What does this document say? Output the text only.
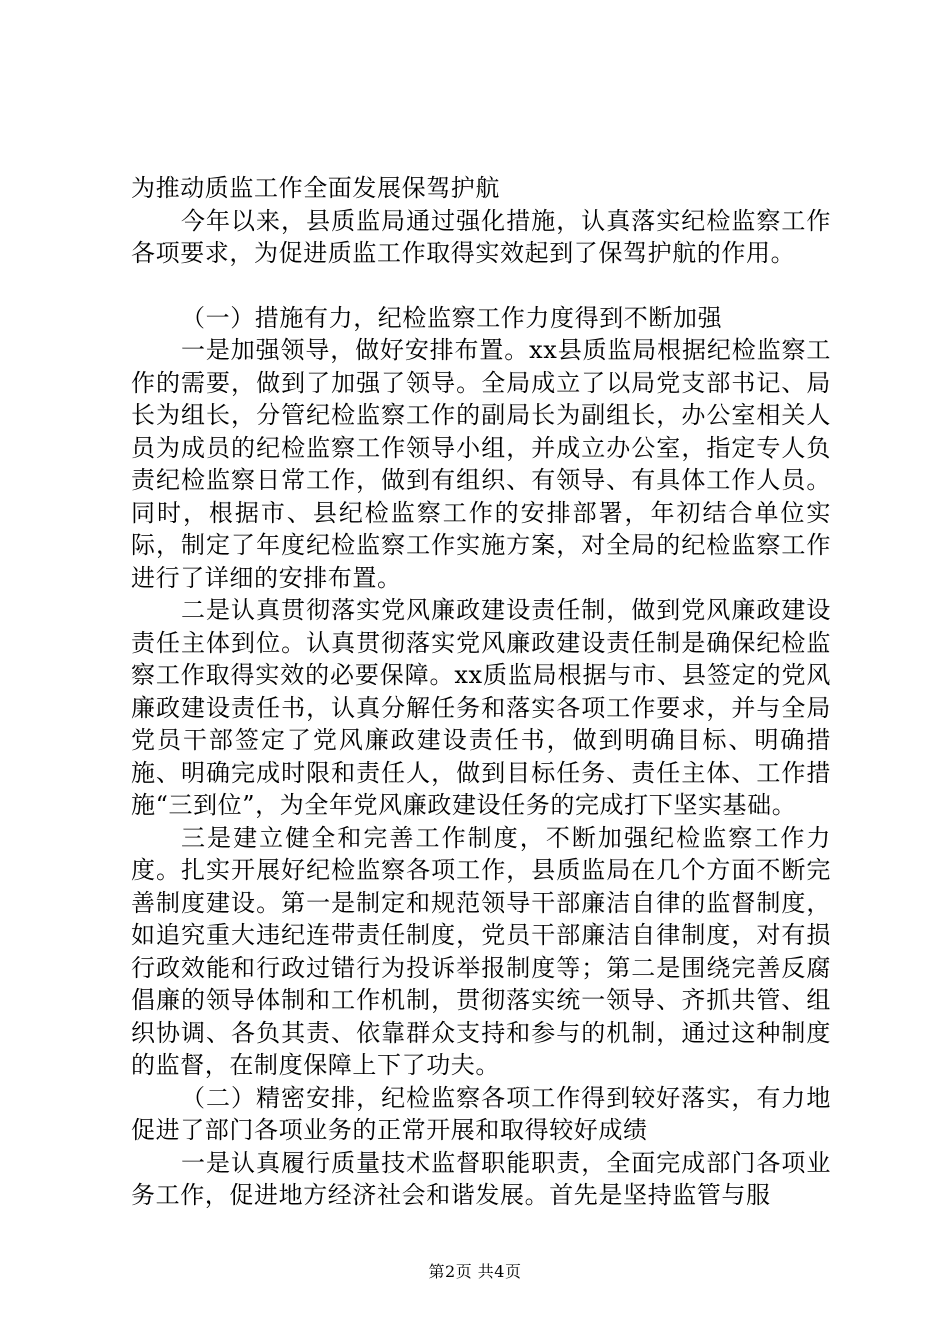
为推动质监工作全面发展保驾护航

今年以来，县质监局通过强化措施，认真落实纪检监察工作各项要求，为促进质监工作取得实效起到了保驾护航的作用。

（一）措施有力，纪检监察工作力度得到不断加强

一是加强领导，做好安排布置。xx县质监局根据纪检监察工作的需要，做到了加强了领导。全局成立了以局党支部书记、局长为组长，分管纪检监察工作的副局长为副组长，办公室相关人员为成员的纪检监察工作领导小组，并成立办公室，指定专人负责纪检监察日常工作，做到有组织、有领导、有具体工作人员。同时，根据市、县纪检监察工作的安排部署，年初结合单位实际，制定了年度纪检监察工作实施方案，对全局的纪检监察工作进行了详细的安排布置。

二是认真贯彻落实党风廉政建设责任制，做到党风廉政建设责任主体到位。认真贯彻落实党风廉政建设责任制是确保纪检监察工作取得实效的必要保障。xx质监局根据与市、县签定的党风廉政建设责任书，认真分解任务和落实各项工作要求，并与全局党员干部签定了党风廉政建设责任书，做到明确目标、明确措施、明确完成时限和责任人，做到目标任务、责任主体、工作措施“三到位”，为全年党风廉政建设任务的完成打下坚实基础。

三是建立健全和完善工作制度，不断加强纪检监察工作力度。扎实开展好纪检监察各项工作，县质监局在几个方面不断完善制度建设。第一是制定和规范领导干部廉洁自律的监督制度，如追究重大违纪连带责任制度，党员干部廉洁自律制度，对有损行政效能和行政过错行为投诉举报制度等；第二是围绕完善反腐倡廉的领导体制和工作机制，贯彻落实统一领导、齐抓共管、组织协调、各负其责、依靠群众支持和参与的机制，通过这种制度的监督，在制度保障上下了功夫。

（二）精密安排，纪检监察各项工作得到较好落实，有力地促进了部门各项业务的正常开展和取得较好成绩

一是认真履行质量技术监督职能职责，全面完成部门各项业务工作，促进地方经济社会和谐发展。首先是坚持监管与服

第2页 共4页
